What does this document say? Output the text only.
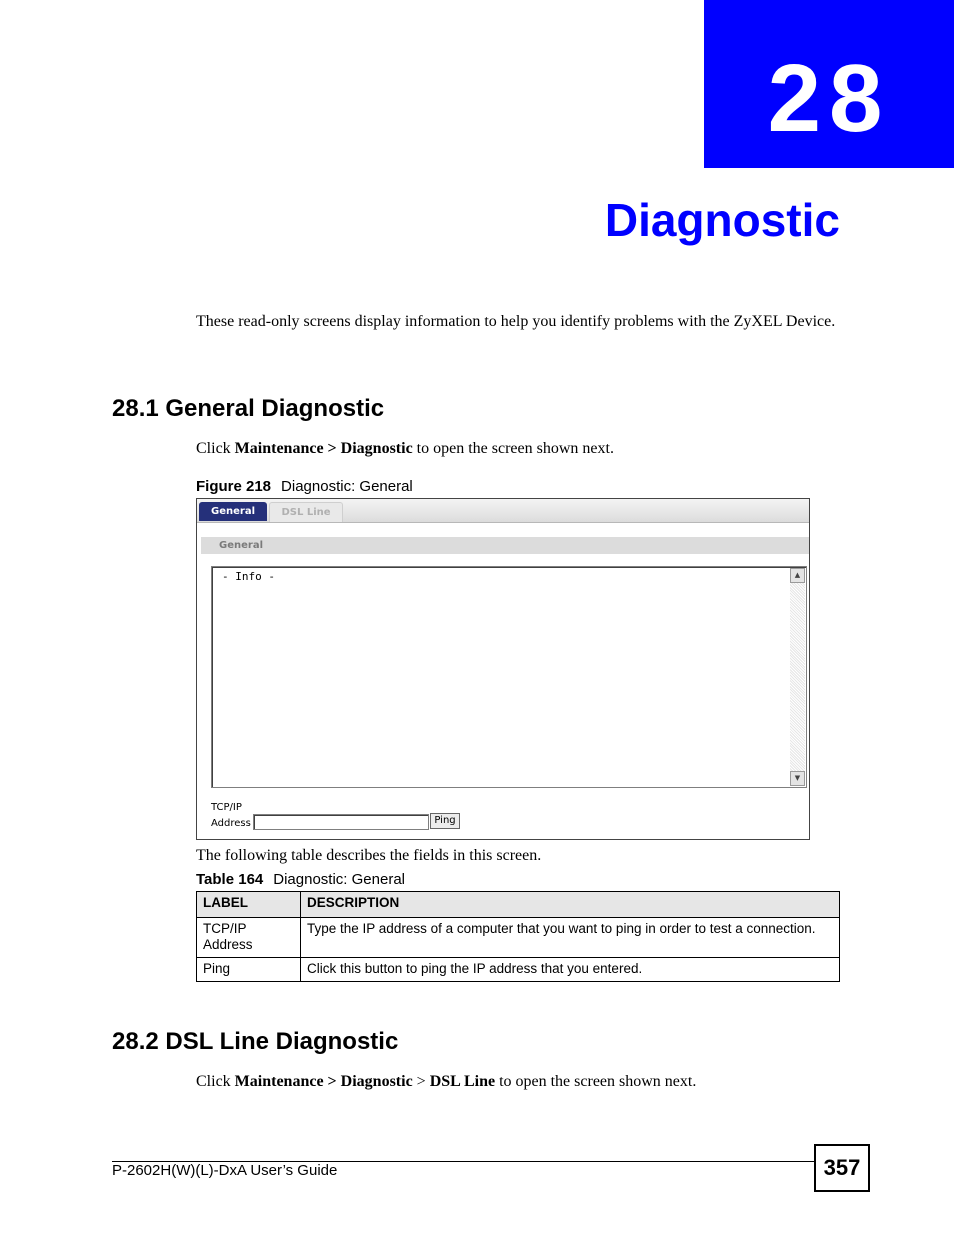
28
Diagnostic
These read-only screens display information to help you identify problems with the ZyXEL Device.
28.1 General Diagnostic
Click Maintenance > Diagnostic to open the screen shown next.
Figure 218 Diagnostic: General
General	DSL Line
General
- Info -	▲
▼
TCP/IP
Address	Ping
The following table describes the fields in this screen.
Table 164 Diagnostic: General
LABEL	DESCRIPTION

TCP/IP
Address	Type the IP address of a computer that you want to ping in order to test a connection.

Ping	Click this button to ping the IP address that you entered.
28.2 DSL Line Diagnostic
Click Maintenance > Diagnostic > DSL Line to open the screen shown next.
P-2602H(W)(L)-DxA User’s Guide	357
